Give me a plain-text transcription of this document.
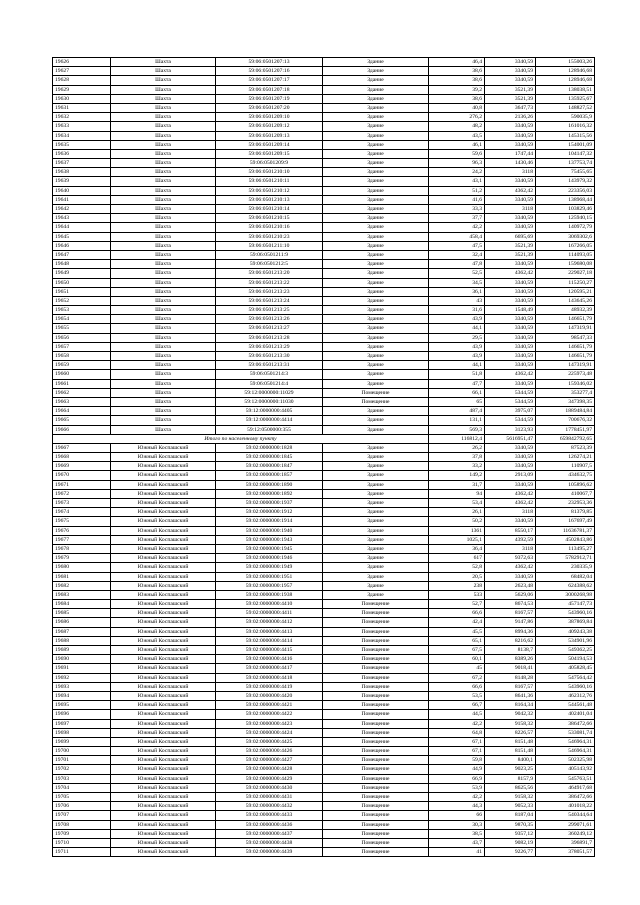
19626	Шахта	59:06:0501207:13	Здание	46,4	3340,59	155003,26
19627	Шахта	59:06:0501207:16	Здание	38,6	3340,59	128946,68
19628	Шахта	59:06:0501207:17	Здание	38,6	3340,59	128946,68
19629	Шахта	59:06:0501207:18	Здание	39,2	3521,39	138038,51
19630	Шахта	59:06:0501207:19	Здание	38,6	3521,39	135925,67
19631	Шахта	59:06:0501207:20	Здание	40,8	3647,73	148827,52
19632	Шахта	59:06:0501209:10	Здание	276,2	2136,26	590035,9
19633	Шахта	59:06:0501209:12	Здание	48,2	3340,59	161016,32
19634	Шахта	59:06:0501209:13	Здание	43,5	3340,59	145315,56
19635	Шахта	59:06:0501209:14	Здание	46,1	3340,59	154001,09
19636	Шахта	59:06:0501209:15	Здание	59,6	1747,44	104147,32
19637	Шахта	59:06:0501209:9	Здание	96,3	1430,46	137753,74
19638	Шахта	59:06:0501210:10	Здание	24,2	3118	75455,65
19639	Шахта	59:06:0501210:11	Здание	43,1	3340,59	143979,32
19640	Шахта	59:06:0501210:12	Здание	51,2	4362,42	223356,03
19641	Шахта	59:06:0501210:13	Здание	41,6	3340,59	138968,44
19642	Шахта	59:06:0501210:14	Здание	33,3	3118	103829,46
19643	Шахта	59:06:0501210:15	Здание	37,7	3340,59	125940,15
19644	Шахта	59:06:0501210:16	Здание	42,2	3340,59	140972,79
19645	Шахта	59:06:0501210:23	Здание	458,4	6695,69	3069302,6
19646	Шахта	59:06:0501211:10	Здание	47,5	3521,39	167266,05
19647	Шахта	59:06:0501211:9	Здание	32,4	3521,39	114093,05
19648	Шахта	59:06:0501212:5	Здание	47,8	3340,59	159680,08
19649	Шахта	59:06:0501213:20	Здание	52,5	4362,42	229027,18
19650	Шахта	59:06:0501213:22	Здание	34,5	3340,59	115250,27
19651	Шахта	59:06:0501213:23	Здание	36,1	3340,59	120595,21
19652	Шахта	59:06:0501213:24	Здание	43	3340,59	143645,26
19653	Шахта	59:06:0501213:25	Здание	31,6	1548,49	48932,39
19654	Шахта	59:06:0501213:26	Здание	43,9	3340,59	146651,79
19655	Шахта	59:06:0501213:27	Здание	44,1	3340,59	147319,91
19656	Шахта	59:06:0501213:28	Здание	29,5	3340,59	98547,33
19657	Шахта	59:06:0501213:29	Здание	43,9	3340,59	146651,79
19658	Шахта	59:06:0501213:30	Здание	43,9	3340,59	146651,79
19659	Шахта	59:06:0501213:31	Здание	44,1	3340,59	147319,91
19660	Шахта	59:06:0501214:3	Здание	51,8	4362,42	225973,48
19661	Шахта	59:06:0501214:4	Здание	47,7	3340,59	159346,02
19662	Шахта	59:12:0000000:11029	Помещение	66,1	5344,59	353277,4
19663	Шахта	59:12:0000000:11030	Помещение	65	5344,59	347398,35
19664	Шахта	59:12:0000000:4405	Здание	487,4	3975,07	1889484,84
19665	Шахта	59:12:0000000:4414	Здание	131,1	5344,59	700676,32
19666	Шахта	59:12:0500000:355	Здание	569,3	3123,93	1778451,97
Итого по населенному пункту				116812,4	5616951,47	659842792,65
19667	Южный Коспашский	59:02:0000000:1828	Здание	26,2	3340,59	87523,39
19668	Южный Коспашский	59:02:0000000:1845	Здание	37,8	3340,59	126274,21
19669	Южный Коспашский	59:02:0000000:1847	Здание	33,2	3340,59	110907,5
19670	Южный Коспашский	59:02:0000000:1857	Здание	149,2	2913,09	434632,75
19671	Южный Коспашский	59:02:0000000:1890	Здание	31,7	3340,59	105896,62
19672	Южный Коспашский	59:02:0000000:1892	Здание	94	4362,42	410067,7
19673	Южный Коспашский	59:02:0000000:1937	Здание	53,4	4362,42	232953,36
19674	Южный Коспашский	59:02:0000000:1912	Здание	26,1	3118	81379,85
19675	Южный Коспашский	59:02:0000000:1914	Здание	50,2	3340,59	167697,49
19676	Южный Коспашский	59:02:0000000:1940	Здание	1361	8550,17	11636781,37
19677	Южный Коспашский	59:02:0000000:1943	Здание	1025,1	4392,59	4502843,86
19678	Южный Коспашский	59:02:0000000:1945	Здание	36,4	3118	113495,27
19679	Южный Коспашский	59:02:0000000:1946	Здание	617	9372,63	5782912,71
19680	Южный Коспашский	59:02:0000000:1949	Здание	52,8	4362,42	230335,9
19681	Южный Коспашский	59:02:0000000:1951	Здание	20,5	3340,59	68482,04
19682	Южный Коспашский	59:02:0000000:1957	Здание	238	2623,48	624388,62
19683	Южный Коспашский	59:02:0000000:1938	Здание	533	5629,06	3000268,98
19684	Южный Коспашский	59:02:0000000:4410	Помещение	52,7	8674,53	457147,73
19685	Южный Коспашский	59:02:0000000:4411	Помещение	66,6	8167,57	543960,16
19686	Южный Коспашский	59:02:0000000:4412	Помещение	42,4	9147,86	387869,84
19687	Южный Коспашский	59:02:0000000:4413	Помещение	45,5	8994,36	409243,38
19688	Южный Коспашский	59:02:0000000:4414	Помещение	65,1	8216,62	534901,96
19689	Южный Коспашский	59:02:0000000:4415	Помещение	67,5	8138,7	549362,25
19690	Южный Коспашский	59:02:0000000:4416	Помещение	60,1	8389,26	504194,53
19691	Южный Коспашский	59:02:0000000:4417	Помещение	45	9018,41	405828,45
19692	Южный Коспашский	59:02:0000000:4418	Помещение	67,2	8148,28	547564,42
19693	Южный Коспашский	59:02:0000000:4419	Помещение	66,6	8167,57	543960,16
19694	Южный Коспашский	59:02:0000000:4420	Помещение	53,5	8641,36	462312,76
19695	Южный Коспашский	59:02:0000000:4421	Помещение	66,7	8164,34	544561,48
19696	Южный Коспашский	59:02:0000000:4422	Помещение	44,5	9042,32	402401,04
19697	Южный Коспашский	59:02:0000000:4423	Помещение	42,2	9158,32	386472,66
19698	Южный Коспашский	59:02:0000000:4424	Помещение	64,8	8226,57	533081,74
19699	Южный Коспашский	59:02:0000000:4425	Помещение	67,1	8151,48	546964,31
19700	Южный Коспашский	59:02:0000000:4426	Помещение	67,1	8151,48	546964,31
19701	Южный Коспашский	59:02:0000000:4427	Помещение	59,8	8400,1	502325,98
19702	Южный Коспашский	59:02:0000000:4428	Помещение	44,9	9023,25	405143,92
19703	Южный Коспашский	59:02:0000000:4429	Помещение	66,9	8157,9	545763,51
19704	Южный Коспашский	59:02:0000000:4430	Помещение	53,9	8625,56	464917,68
19705	Южный Коспашский	59:02:0000000:4431	Помещение	42,2	9158,32	386472,66
19706	Южный Коспашский	59:02:0000000:4432	Помещение	44,3	9052,33	401018,22
19707	Южный Коспашский	59:02:0000000:4433	Помещение	66	8187,04	540344,64
19708	Южный Коспашский	59:02:0000000:4436	Помещение	30,3	9870,35	299071,61
19709	Южный Коспашский	59:02:0000000:4437	Помещение	38,5	9357,12	360249,12
19710	Южный Коспашский	59:02:0000000:4438	Помещение	43,7	9082,19	396891,7
19711	Южный Коспашский	59:02:0000000:4439	Помещение	41	9226,77	378051,57
